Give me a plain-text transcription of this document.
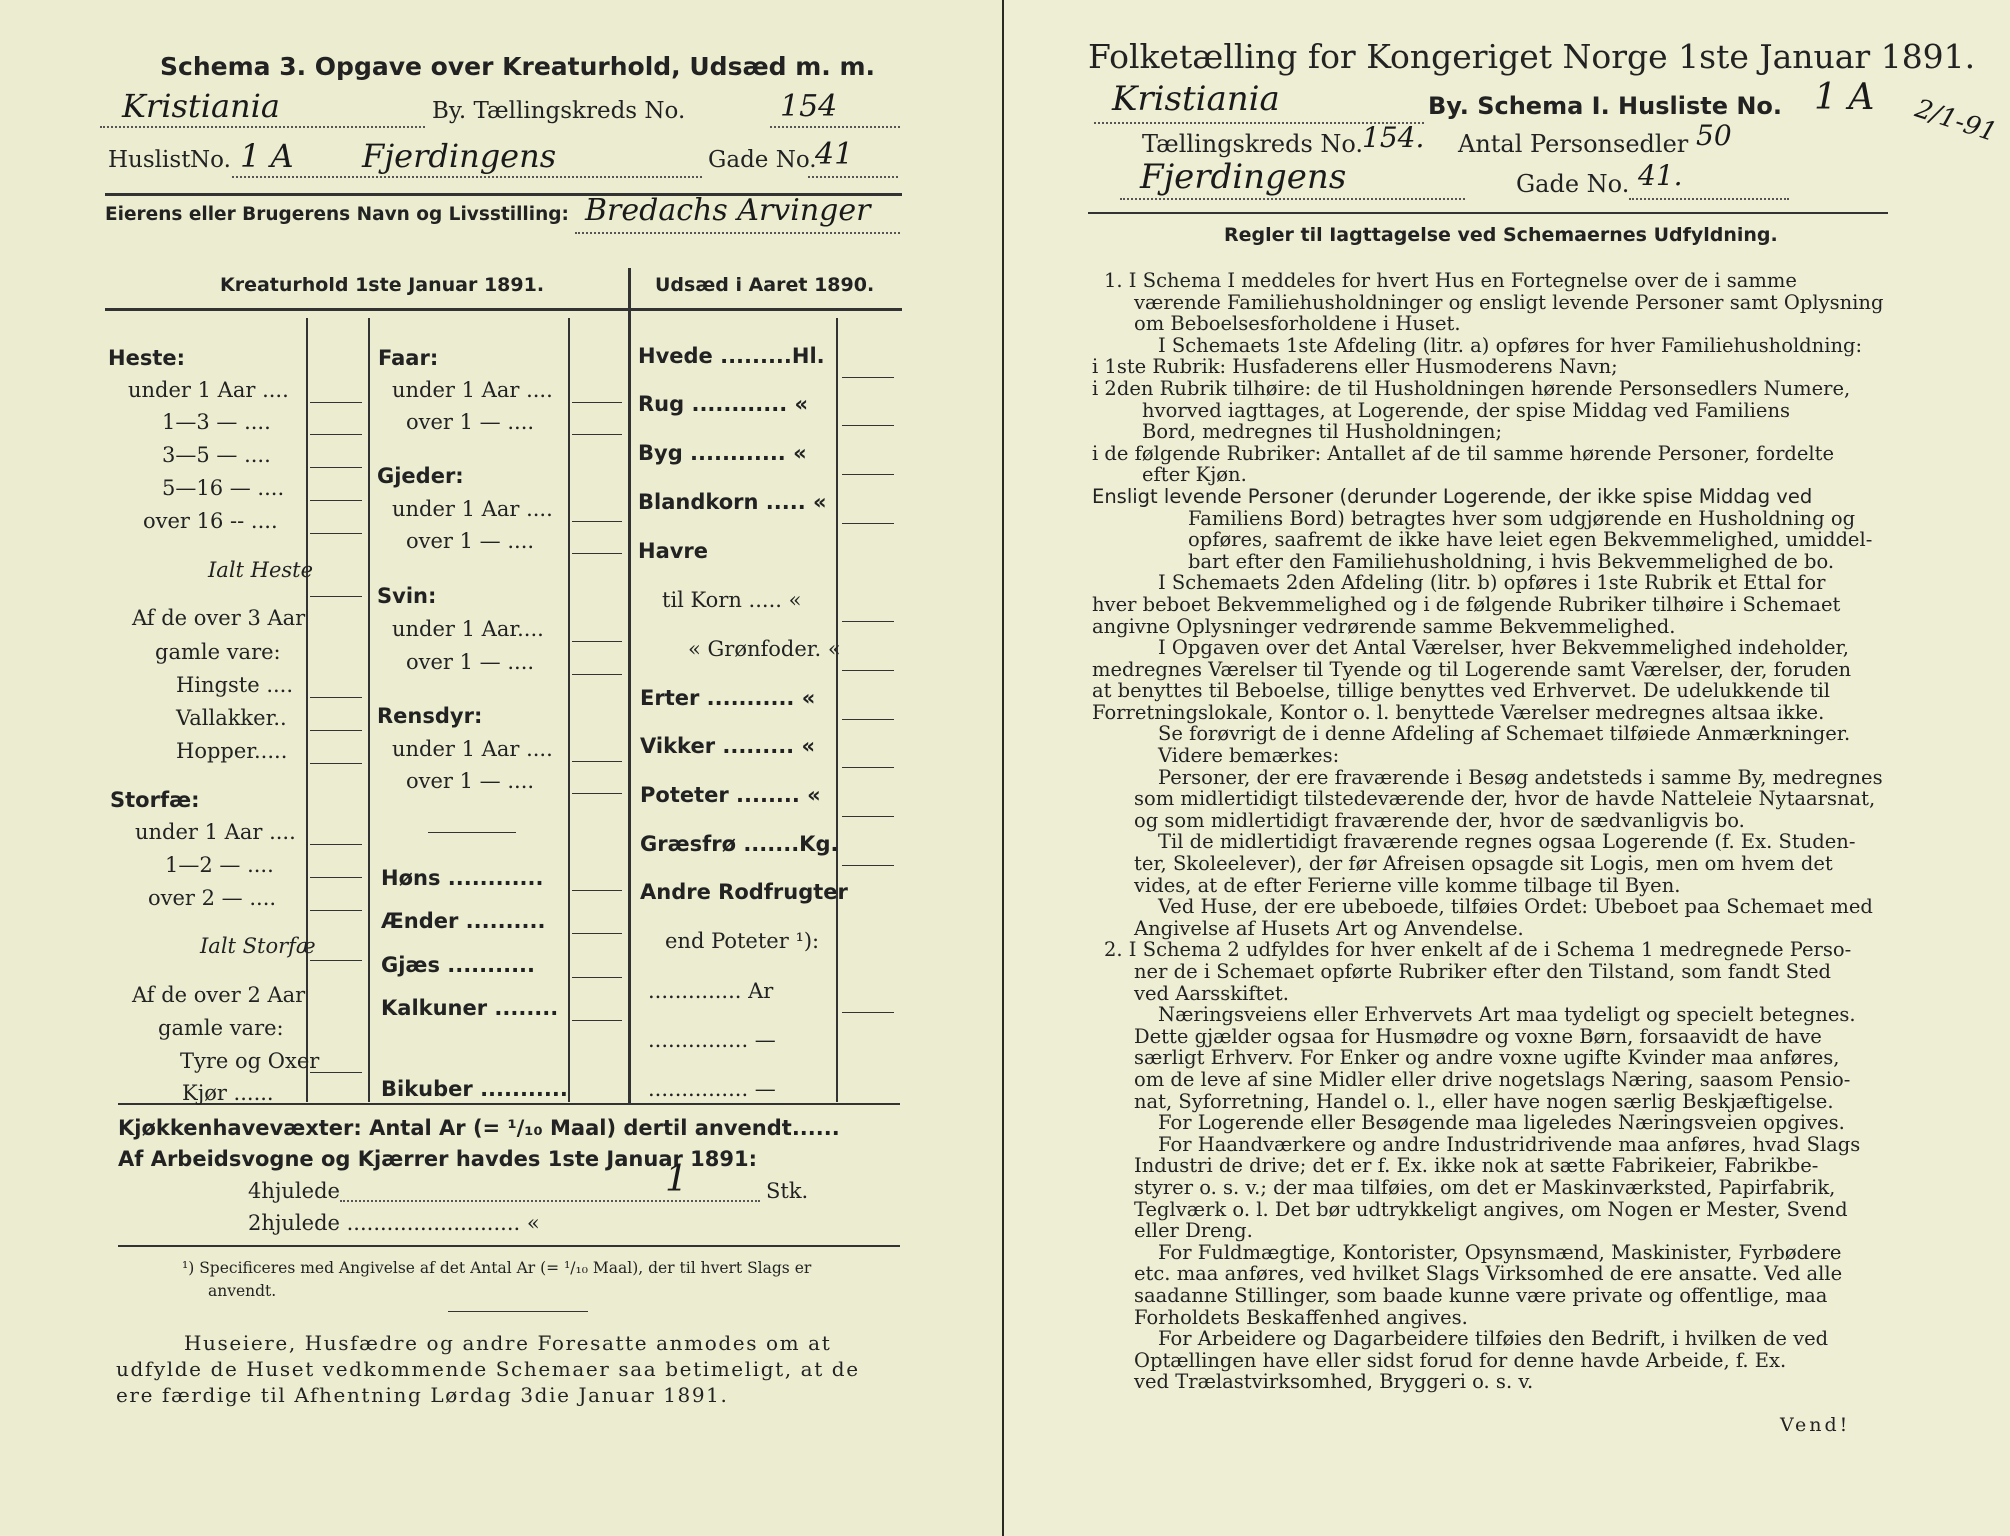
Schema 3. Opgave over Kreaturhold, Udsæd m. m.
Kristiania	By. Tællingskreds No.	154
Huslist No. 1 A Fjerdingens	Gade No.
41
Eierens eller Brugerens Navn og Livsstilling: Bredachs Arvinger
Kreaturhold 1ste Januar 1891.	Udsæd i Aaret 1890.
Heste:
under 1 Aar ....
1—3 — ....
3—5 — ....
5—16 — ....
over 16 -- ....
Ialt Heste
Af de over 3 Aar
gamle vare:
Hingste ....
Vallakker..
Hopper.....
Storfæ:
under 1 Aar ....
1—2 — ....
over 2 — ....
Ialt Storfæ
Af de over 2 Aar
gamle vare:
Tyre og Oxer
Kjør ......
Faar:
under 1 Aar ....
over 1 — ....
Gjeder:
under 1 Aar ....
over 1 — ....
Svin:
under 1 Aar....
over 1 — ....
Rensdyr:
under 1 Aar ....
over 1 — ....
Høns ............
Ænder ..........
Gjæs ...........
Kalkuner ........
Bikuber ...........
Hvede .........Hl.
Rug ............ «
Byg ............ «
Blandkorn ..... «
Havre
til Korn ..... «
« Grønfoder. «
Erter ........... «
Vikker ......... «
Poteter ........ «
Græsfrø .......Kg.
Andre Rodfrugter
end Poteter ¹):
.............. Ar
............... —
............... —
Kjøkkenhavevæxter: Antal Ar (= ¹/₁₀ Maal) dertil anvendt......
Af Arbeidsvogne og Kjærrer havdes 1ste Januar 1891:
4hjulede	1	Stk.
2hjulede .......................... «
¹) Specificeres med Angivelse af det Antal Ar (= ¹/₁₀ Maal), der til hvert Slags er
anvendt.
Huseiere, Husfædre og andre Foresatte anmodes om at
udfylde de Huset vedkommende Schemaer saa betimeligt, at de
ere færdige til Afhentning Lørdag 3die Januar 1891.
Folketælling for Kongeriget Norge 1ste Januar 1891.
Kristiania	By. Schema I. Husliste No. 1 A 2/1-91
Tællingskreds No.
154. Antal Personsedler 50
Fjerdingens	Gade No. 41.
Regler til Iagttagelse ved Schemaernes Udfyldning.

1. I Schema I meddeles for hvert Hus en Fortegnelse over de i samme

værende Familiehusholdninger og ensligt levende Personer samt Oplysning

om Beboelsesforholdene i Huset.

I Schemaets 1ste Afdeling (litr. a) opføres for hver Familiehusholdning:

i 1ste Rubrik: Husfaderens eller Husmoderens Navn;

i 2den Rubrik tilhøire: de til Husholdningen hørende Personsedlers Numere,

hvorved iagttages, at Logerende, der spise Middag ved Familiens

Bord, medregnes til Husholdningen;

i de følgende Rubriker: Antallet af de til samme hørende Personer, fordelte

efter Kjøn.

Ensligt levende Personer (derunder Logerende, der ikke spise Middag ved

Familiens Bord) betragtes hver som udgjørende en Husholdning og

opføres, saafremt de ikke have leiet egen Bekvemmelighed, umiddel-

bart efter den Familiehusholdning, i hvis Bekvemmelighed de bo.

I Schemaets 2den Afdeling (litr. b) opføres i 1ste Rubrik et Ettal for

hver beboet Bekvemmelighed og i de følgende Rubriker tilhøire i Schemaet

angivne Oplysninger vedrørende samme Bekvemmelighed.

I Opgaven over det Antal Værelser, hver Bekvemmelighed indeholder,

medregnes Værelser til Tyende og til Logerende samt Værelser, der, foruden

at benyttes til Beboelse, tillige benyttes ved Erhvervet. De udelukkende til

Forretningslokale, Kontor o. l. benyttede Værelser medregnes altsaa ikke.

Se forøvrigt de i denne Afdeling af Schemaet tilføiede Anmærkninger.

Videre bemærkes:

Personer, der ere fraværende i Besøg andetsteds i samme By, medregnes

som midlertidigt tilstedeværende der, hvor de havde Natteleie Nytaarsnat,

og som midlertidigt fraværende der, hvor de sædvanligvis bo.

Til de midlertidigt fraværende regnes ogsaa Logerende (f. Ex. Studen-

ter, Skoleelever), der før Afreisen opsagde sit Logis, men om hvem det

vides, at de efter Ferierne ville komme tilbage til Byen.

Ved Huse, der ere ubeboede, tilføies Ordet: Ubeboet paa Schemaet med

Angivelse af Husets Art og Anvendelse.

2. I Schema 2 udfyldes for hver enkelt af de i Schema 1 medregnede Perso-

ner de i Schemaet opførte Rubriker efter den Tilstand, som fandt Sted

ved Aarsskiftet.

Næringsveiens eller Erhvervets Art maa tydeligt og specielt betegnes.

Dette gjælder ogsaa for Husmødre og voxne Børn, forsaavidt de have

særligt Erhverv. For Enker og andre voxne ugifte Kvinder maa anføres,

om de leve af sine Midler eller drive nogetslags Næring, saasom Pensio-

nat, Syforretning, Handel o. l., eller have nogen særlig Beskjæftigelse.

For Logerende eller Besøgende maa ligeledes Næringsveien opgives.

For Haandværkere og andre Industridrivende maa anføres, hvad Slags

Industri de drive; det er f. Ex. ikke nok at sætte Fabrikeier, Fabrikbe-

styrer o. s. v.; der maa tilføies, om det er Maskinværksted, Papirfabrik,

Teglværk o. l. Det bør udtrykkeligt angives, om Nogen er Mester, Svend

eller Dreng.

For Fuldmægtige, Kontorister, Opsynsmænd, Maskinister, Fyrbødere

etc. maa anføres, ved hvilket Slags Virksomhed de ere ansatte. Ved alle

saadanne Stillinger, som baade kunne være private og offentlige, maa

Forholdets Beskaffenhed angives.

For Arbeidere og Dagarbeidere tilføies den Bedrift, i hvilken de ved

Optællingen have eller sidst forud for denne havde Arbeide, f. Ex.

ved Trælastvirksomhed, Bryggeri o. s. v.

Vend!
